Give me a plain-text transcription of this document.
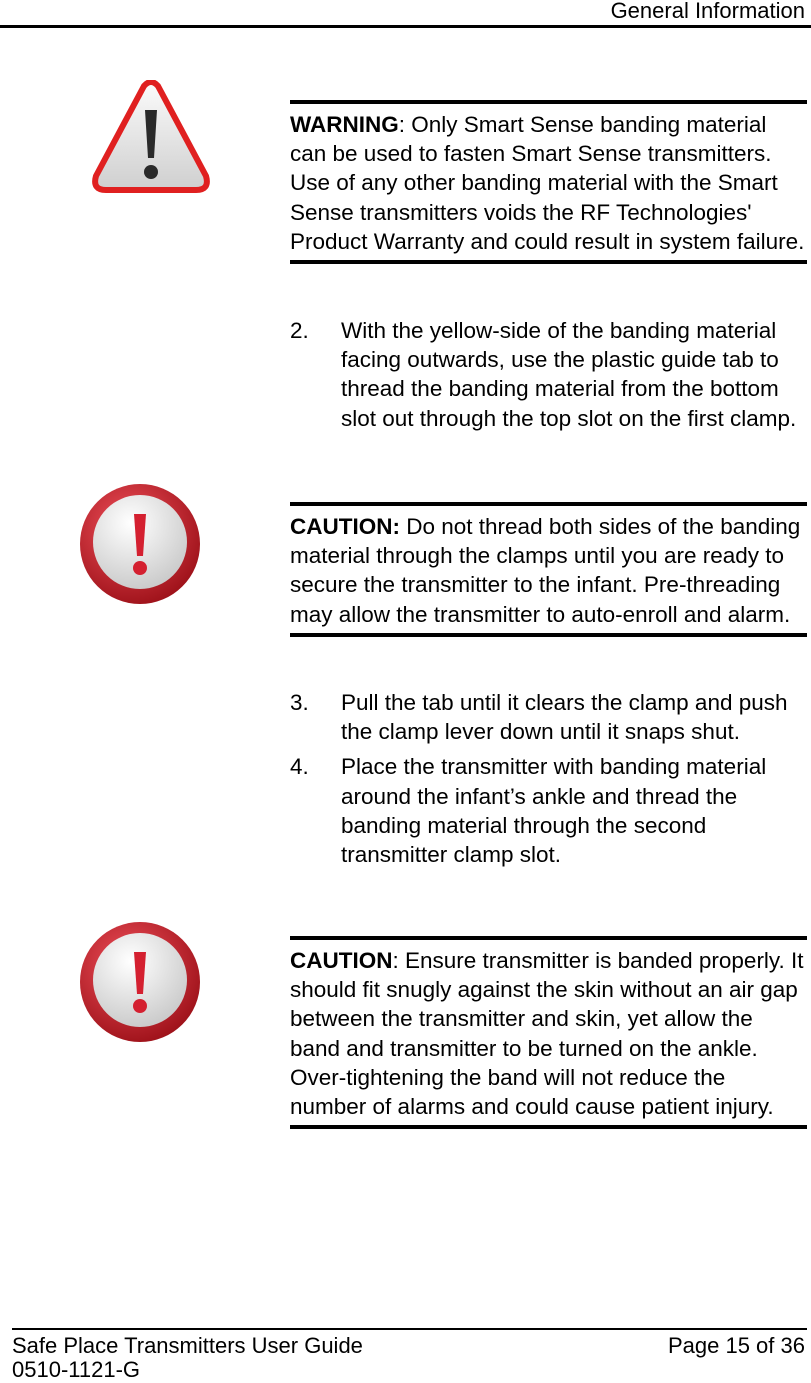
General Information
WARNING: Only Smart Sense banding material can be used to fasten Smart Sense transmitters. Use of any other banding material with the Smart Sense transmitters voids the RF Technologies' Product Warranty and could result in system failure.
2. With the yellow-side of the banding material facing outwards, use the plastic guide tab to thread the banding material from the bottom slot out through the top slot on the first clamp.
CAUTION: Do not thread both sides of the banding material through the clamps until you are ready to secure the transmitter to the infant. Pre-threading may allow the transmitter to auto-enroll and alarm.
3. Pull the tab until it clears the clamp and push the clamp lever down until it snaps shut.
4. Place the transmitter with banding material around the infant’s ankle and thread the banding material through the second transmitter clamp slot.
CAUTION: Ensure transmitter is banded properly. It should fit snugly against the skin without an air gap between the transmitter and skin, yet allow the band and transmitter to be turned on the ankle. Over-tightening the band will not reduce the number of alarms and could cause patient injury.
Safe Place Transmitters User Guide	Page 15 of 36
0510-1121-G
